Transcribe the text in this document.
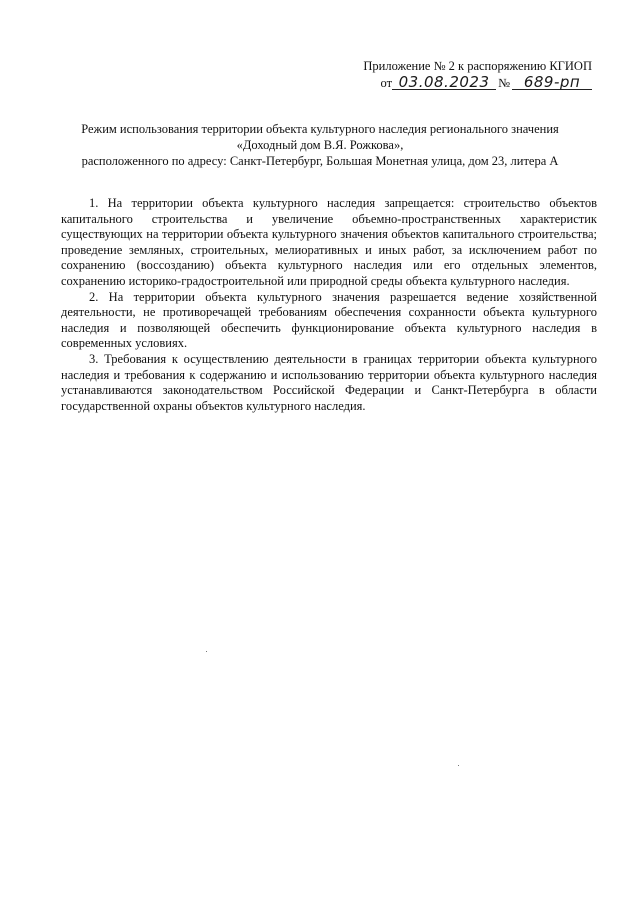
Приложение № 2 к распоряжению КГИОП
от 03.08.2023 № 689-рп
Режим использования территории объекта культурного наследия регионального значения
«Доходный дом В.Я. Рожкова»,
расположенного по адресу: Санкт-Петербург, Большая Монетная улица, дом 23, литера А

1. На территории объекта культурного наследия запрещается: строительство объектов капитального строительства и увеличение объемно-пространственных характеристик существующих на территории объекта культурного значения объектов капитального строительства; проведение земляных, строительных, мелиоративных и иных работ, за исключением работ по сохранению (воссозданию) объекта культурного наследия или его отдельных элементов, сохранению историко-градостроительной или природной среды объекта культурного наследия.

2. На территории объекта культурного значения разрешается ведение хозяйственной деятельности, не противоречащей требованиям обеспечения сохранности объекта культурного наследия и позволяющей обеспечить функционирование объекта культурного наследия в современных условиях.

3. Требования к осуществлению деятельности в границах территории объекта культурного наследия и требования к содержанию и использованию территории объекта культурного наследия устанавливаются законодательством Российской Федерации и Санкт-Петербурга в области государственной охраны объектов культурного наследия.
